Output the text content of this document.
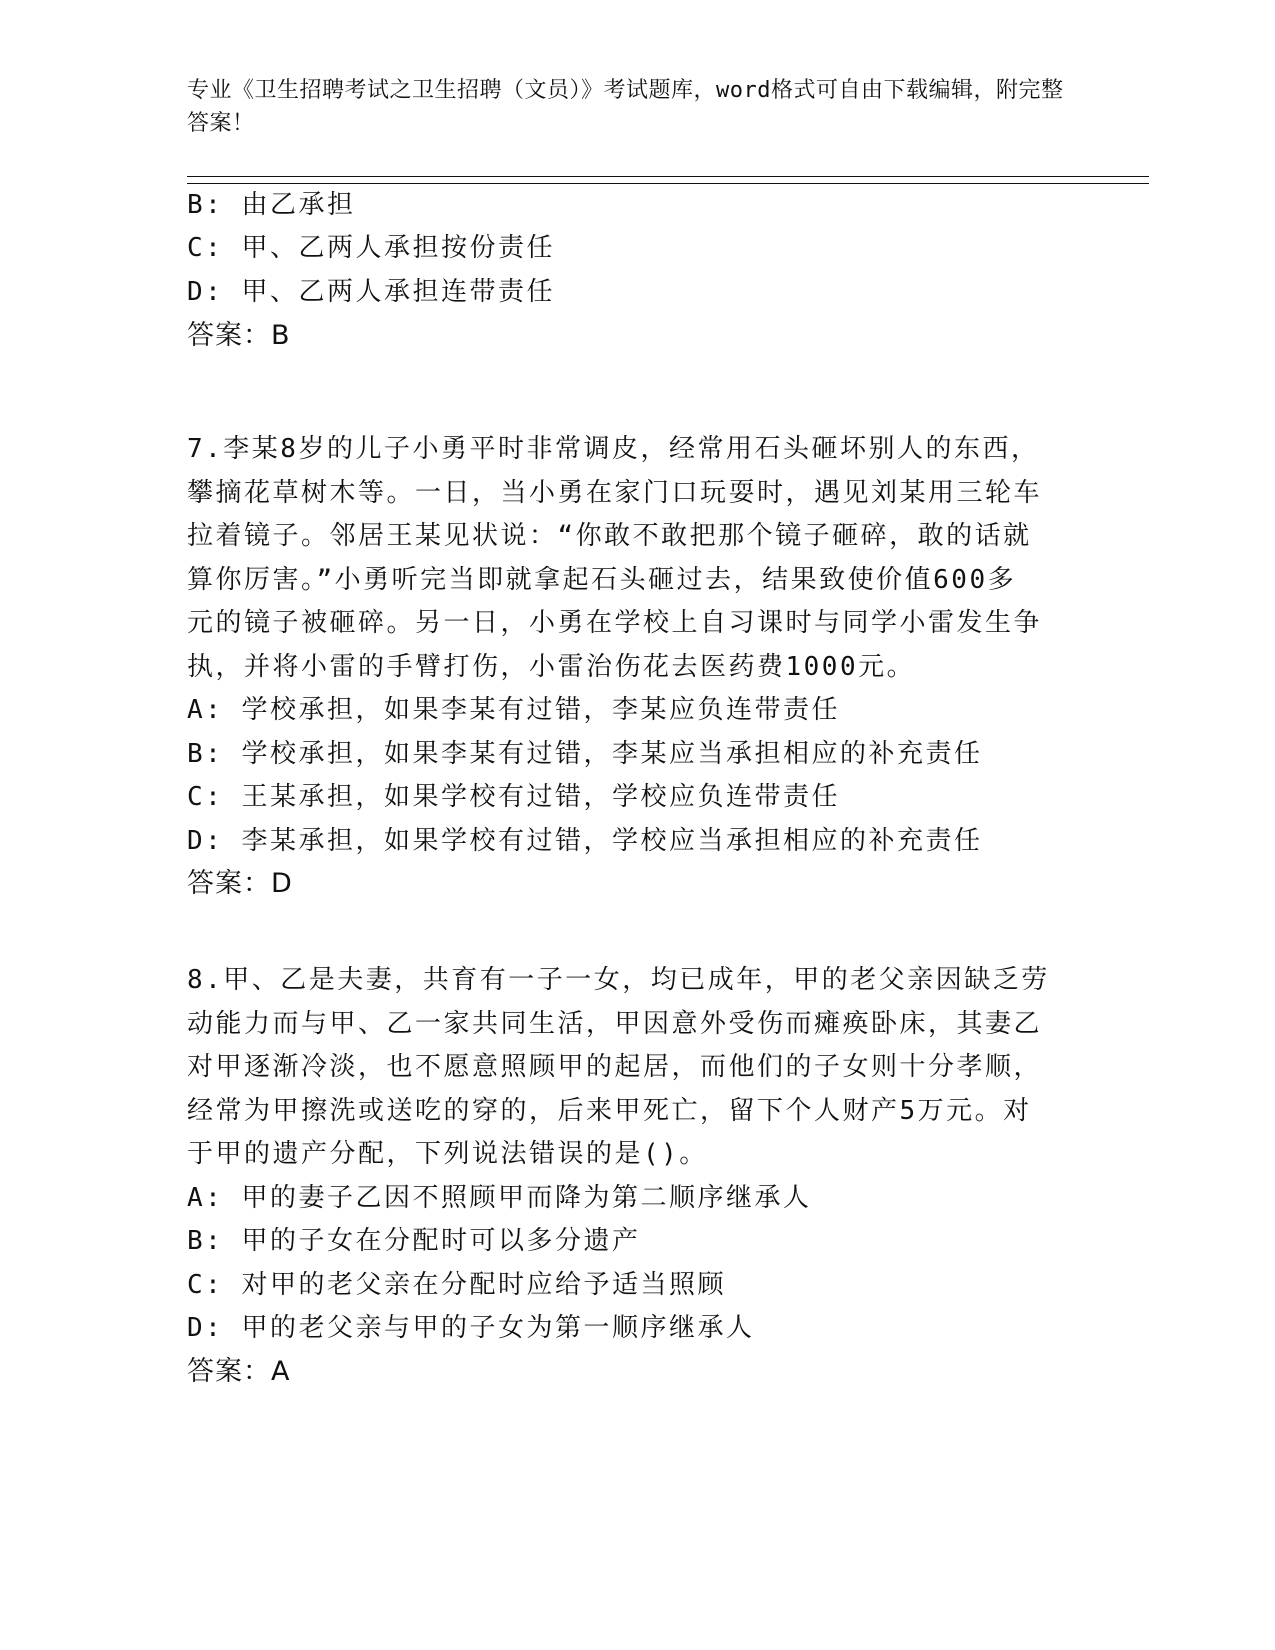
专业《卫生招聘考试之卫生招聘（文员）》考试题库，word格式可自由下载编辑，附完整答案！
B: 由乙承担
C: 甲、乙两人承担按份责任
D: 甲、乙两人承担连带责任
答案：B
7.李某8岁的儿子小勇平时非常调皮，经常用石头砸坏别人的东西，
攀摘花草树木等。一日，当小勇在家门口玩耍时，遇见刘某用三轮车
拉着镜子。邻居王某见状说：“你敢不敢把那个镜子砸碎，敢的话就
算你厉害。”小勇听完当即就拿起石头砸过去，结果致使价值600多
元的镜子被砸碎。另一日，小勇在学校上自习课时与同学小雷发生争
执，并将小雷的手臂打伤，小雷治伤花去医药费1000元。
A: 学校承担，如果李某有过错，李某应负连带责任
B: 学校承担，如果李某有过错，李某应当承担相应的补充责任
C: 王某承担，如果学校有过错，学校应负连带责任
D: 李某承担，如果学校有过错，学校应当承担相应的补充责任
答案：D
8.甲、乙是夫妻，共育有一子一女，均已成年，甲的老父亲因缺乏劳
动能力而与甲、乙一家共同生活，甲因意外受伤而瘫痪卧床，其妻乙
对甲逐渐冷淡，也不愿意照顾甲的起居，而他们的子女则十分孝顺，
经常为甲擦洗或送吃的穿的，后来甲死亡，留下个人财产5万元。对
于甲的遗产分配，下列说法错误的是()。
A: 甲的妻子乙因不照顾甲而降为第二顺序继承人
B: 甲的子女在分配时可以多分遗产
C: 对甲的老父亲在分配时应给予适当照顾
D: 甲的老父亲与甲的子女为第一顺序继承人
答案：A
